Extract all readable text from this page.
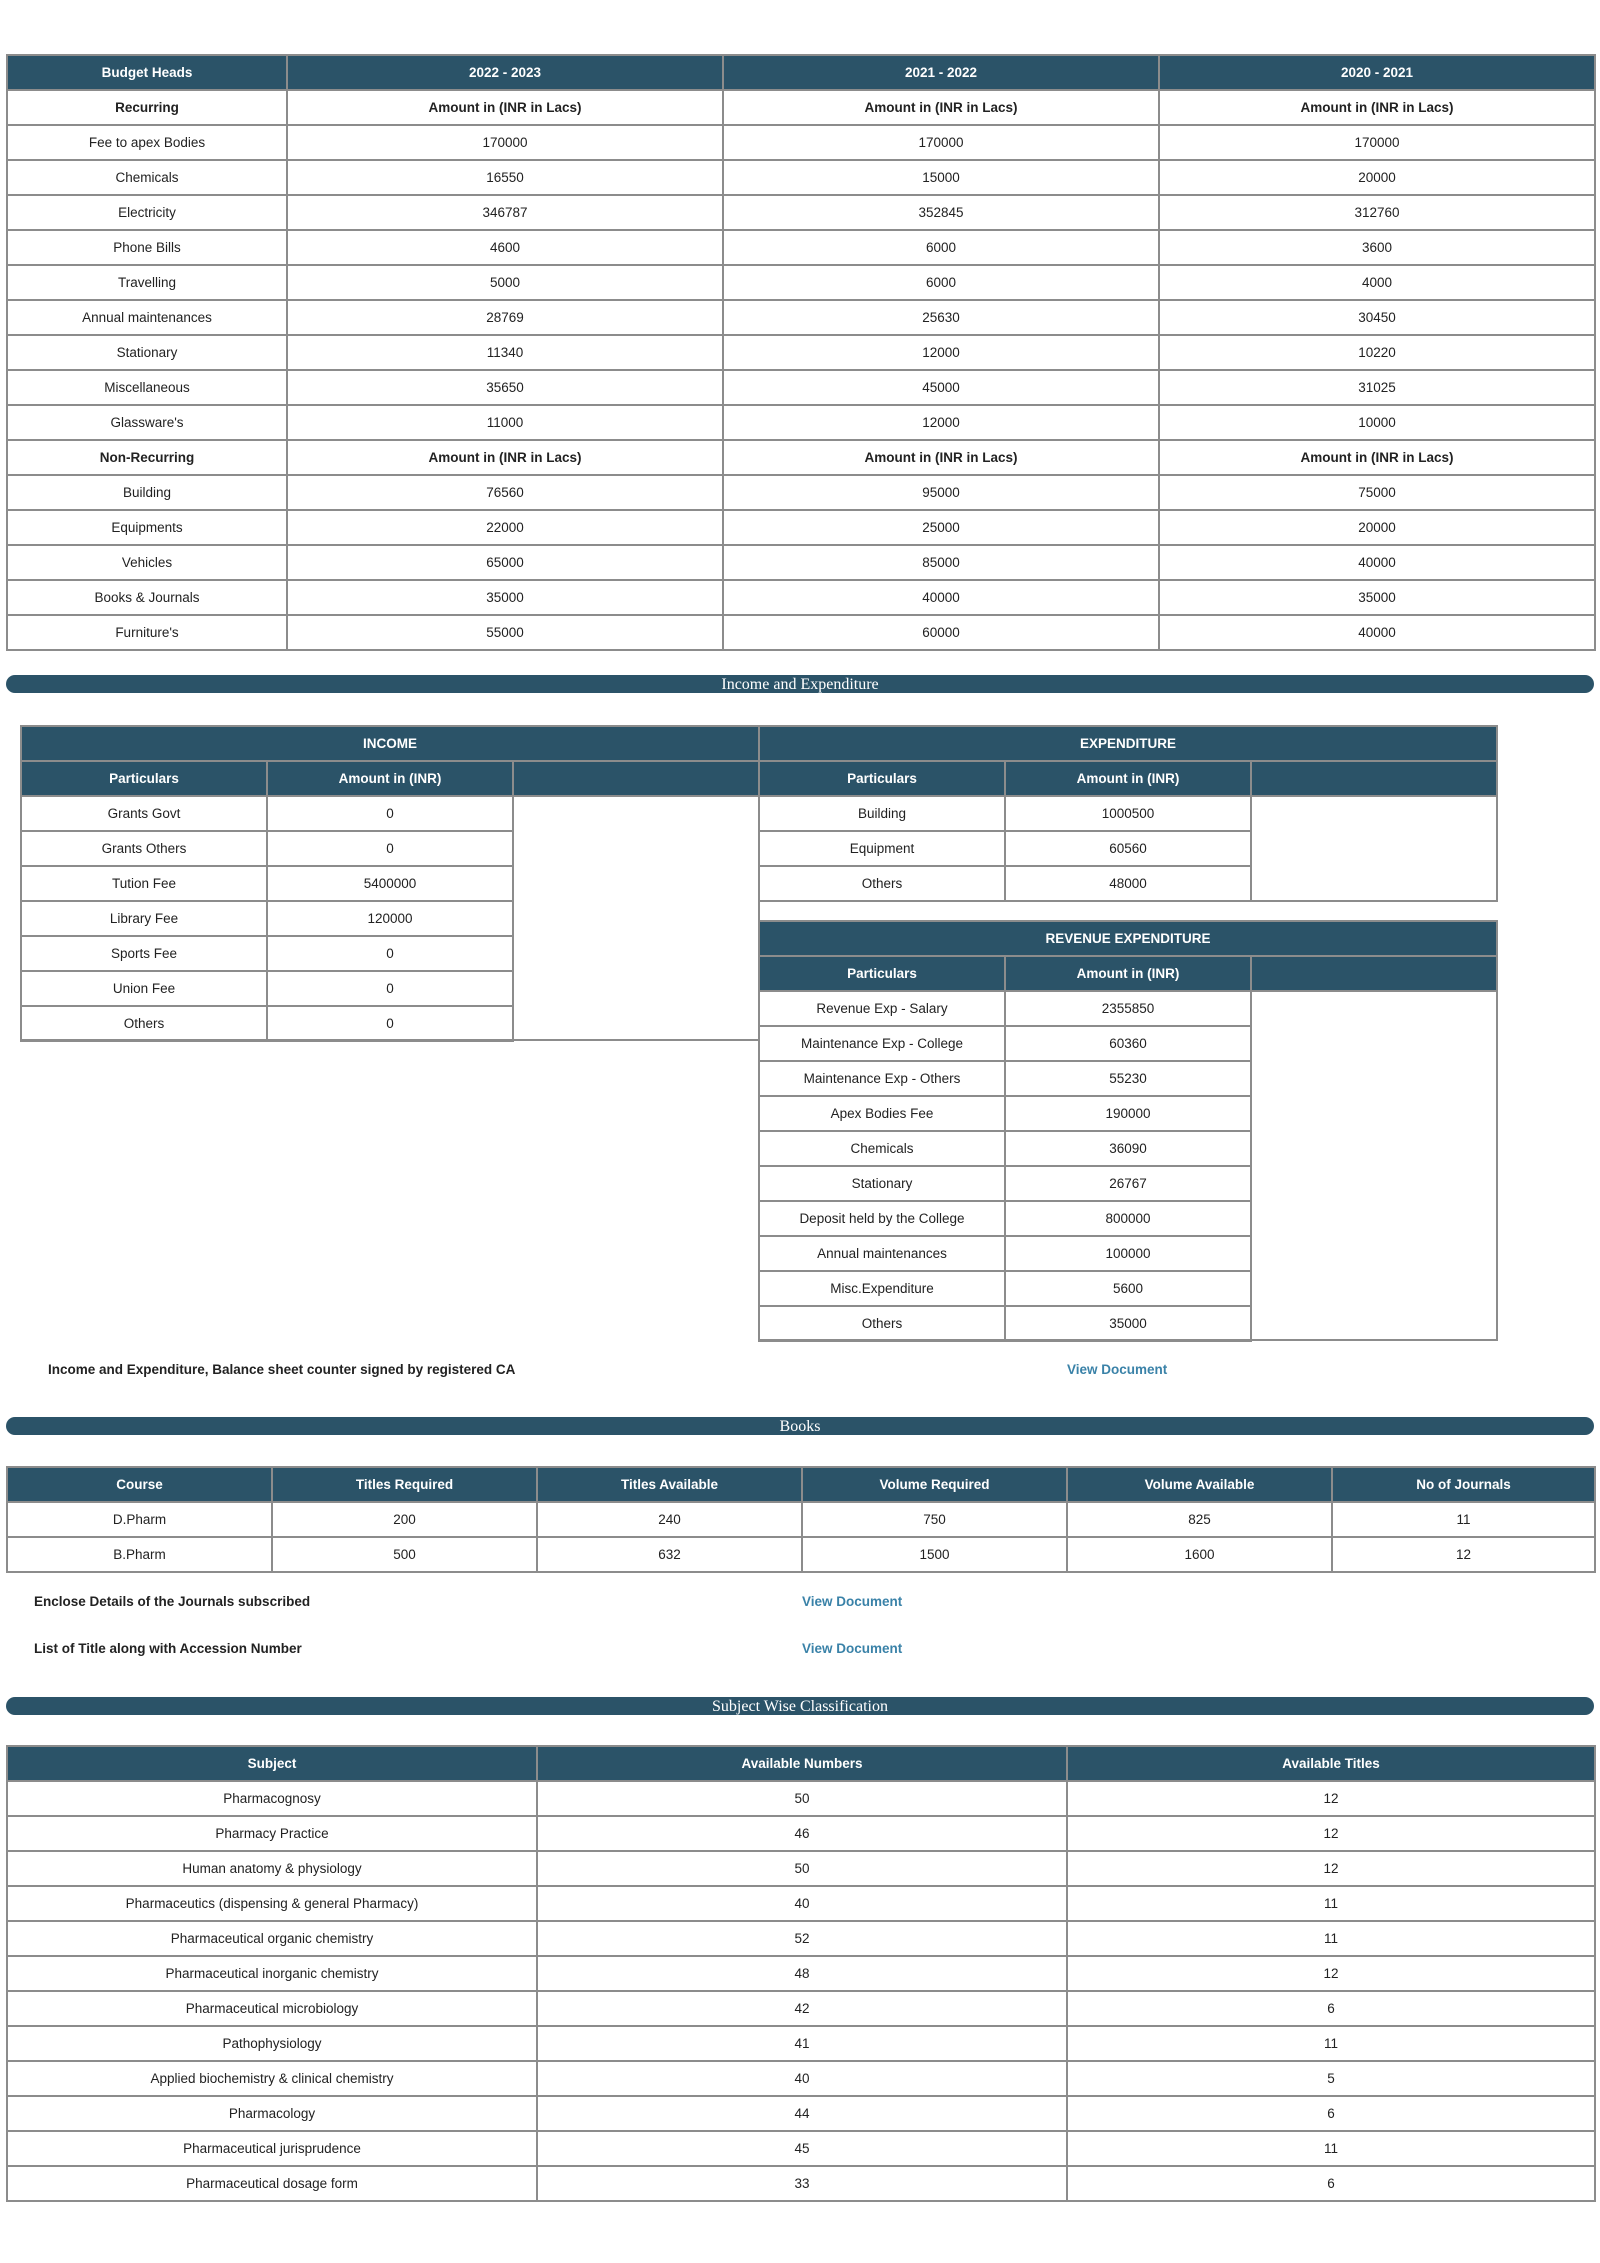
Budget Heads	2022 - 2023	2021 - 2022	2020 - 2021
Recurring	Amount in (INR in Lacs)	Amount in (INR in Lacs)	Amount in (INR in Lacs)
Fee to apex Bodies	170000	170000	170000
Chemicals	16550	15000	20000
Electricity	346787	352845	312760
Phone Bills	4600	6000	3600
Travelling	5000	6000	4000
Annual maintenances	28769	25630	30450
Stationary	11340	12000	10220
Miscellaneous	35650	45000	31025
Glassware's	11000	12000	10000
Non-Recurring	Amount in (INR in Lacs)	Amount in (INR in Lacs)	Amount in (INR in Lacs)
Building	76560	95000	75000
Equipments	22000	25000	20000
Vehicles	65000	85000	40000
Books & Journals	35000	40000	35000
Furniture's	55000	60000	40000
Income and Expenditure
INCOME		
Particulars	Amount in (INR)	
Grants Govt	0	
Grants Others	0	
Tution Fee	5400000	
Library Fee	120000	
Sports Fee	0	
Union Fee	0	
Others	0	
EXPENDITURE		
Particulars	Amount in (INR)	
Building	1000500	
Equipment	60560	
Others	48000	
REVENUE EXPENDITURE		
Particulars	Amount in (INR)	
Revenue Exp - Salary	2355850	
Maintenance Exp - College	60360	
Maintenance Exp - Others	55230	
Apex Bodies Fee	190000	
Chemicals	36090	
Stationary	26767	
Deposit held by the College	800000	
Annual maintenances	100000	
Misc.Expenditure	5600	
Others	35000	
Income and Expenditure, Balance sheet counter signed by registered CA	View Document
Books
Course	Titles Required	Titles Available	Volume Required	Volume Available	No of Journals
D.Pharm	200	240	750	825	11
B.Pharm	500	632	1500	1600	12
Enclose Details of the Journals subscribed	View Document
List of Title along with Accession Number	View Document
Subject Wise Classification
Subject	Available Numbers	Available Titles
Pharmacognosy	50	12
Pharmacy Practice	46	12
Human anatomy & physiology	50	12
Pharmaceutics (dispensing & general Pharmacy)	40	11
Pharmaceutical organic chemistry	52	11
Pharmaceutical inorganic chemistry	48	12
Pharmaceutical microbiology	42	6
Pathophysiology	41	11
Applied biochemistry & clinical chemistry	40	5
Pharmacology	44	6
Pharmaceutical jurisprudence	45	11
Pharmaceutical dosage form	33	6
